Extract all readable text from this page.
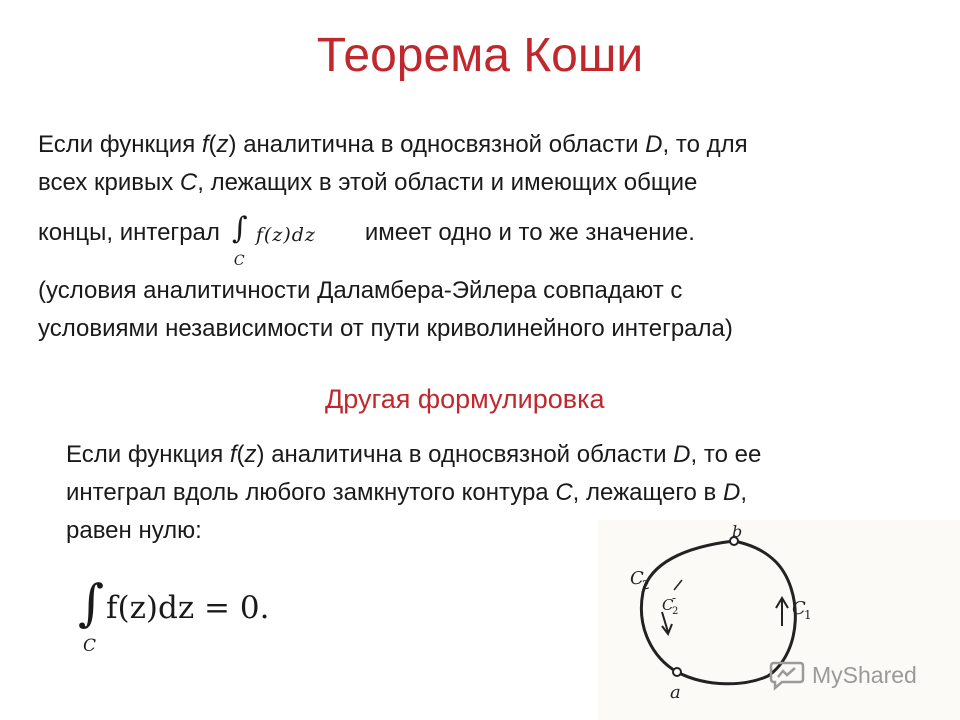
Теорема Коши
Если функция f(z) аналитична в односвязной области D, то для
всех кривых C, лежащих в этой области и имеющих общие
концы, интеграл ∫ f(z)dz
C
имеет одно и то же значение.
(условия аналитичности Даламбера-Эйлера совпадают с
условиями независимости от пути криволинейного интеграла)
Другая формулировка
Если функция f(z) аналитична в односвязной области D, то ее
интеграл вдоль любого замкнутого контура C, лежащего в D,
равен нулю:
∫ f(z)dz = 0.
C
a
b
C
1
C
2
C
2
-
MyShared
